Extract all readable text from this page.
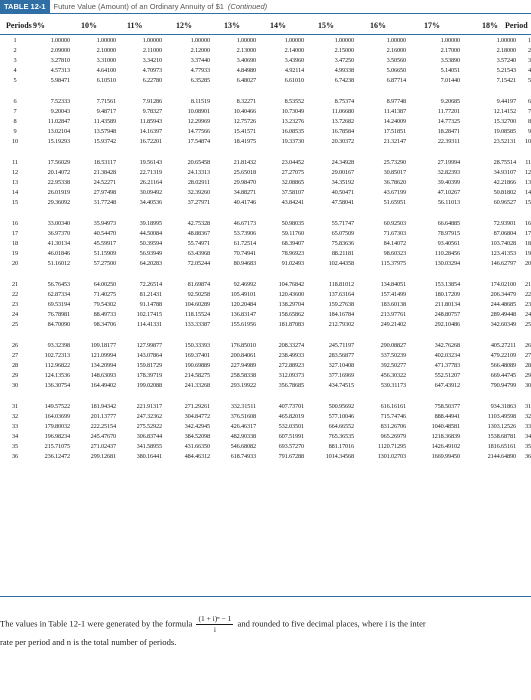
TABLE 12-1	Future Value (Amount) of an Ordinary Annuity of $1 (Continued)
Periods 9%	10%	11%	12%	13%	14%	15%	16%	17%	18% Period
1	1.00000	1.00000	1.00000	1.00000	1.00000	1.00000	1.00000	1.00000	1.00000	1.00000	1
2	2.09000	2.10000	2.11000	2.12000	2.13000	2.14000	2.15000	2.16000	2.17000	2.18000	2
3	3.27810	3.31000	3.34210	3.37440	3.40690	3.43960	3.47250	3.50560	3.53890	3.57240	3
4	4.57313	4.64100	4.70973	4.77933	4.84980	4.92114	4.99338	5.06650	5.14051	5.21543	4
5	5.98471	6.10510	6.22780	6.35285	6.48027	6.61010	6.74238	6.87714	7.01440	7.15421	5
6	7.52333	7.71561	7.91286	8.11519	8.32271	8.53552	8.75374	8.97748	9.20685	9.44197	6
7	9.20043	9.48717	9.78327	10.08901	10.40466	10.73049	11.06680	11.41387	11.77201	12.14152	7
8	11.02847	11.43589	11.85943	12.29969	12.75726	13.23276	13.72682	14.24009	14.77325	15.32700	8
9	13.02104	13.57948	14.16397	14.77566	15.41571	16.08535	16.78584	17.51851	18.28471	19.08585	9
10	15.19293	15.93742	16.72201	17.54874	18.41975	19.33730	20.30372	21.32147	22.39311	23.52131	10
11	17.56029	18.53117	19.56143	20.65458	21.81432	23.04452	24.34928	25.73290	27.19994	28.75514	11
12	20.14072	21.38428	22.71319	24.13313	25.65018	27.27075	29.00167	30.85017	32.82393	34.93107	12
13	22.95338	24.52271	26.21164	28.02911	29.98470	32.08865	34.35192	36.78620	39.40399	42.21866	13
14	26.01919	27.97498	30.09492	32.39260	34.88271	37.58107	40.50471	43.67199	47.10267	50.81802	14
15	29.36092	31.77248	34.40536	37.27971	40.41746	43.84241	47.58041	51.65951	56.11013	60.96527	15
16	33.00340	35.94973	39.18995	42.75328	46.67173	50.98035	55.71747	60.92503	66.64885	72.93901	16
17	36.97370	40.54470	44.50084	48.88367	53.73906	59.11760	65.07509	71.67303	78.97915	87.06804	17
18	41.30134	45.59917	50.39594	55.74971	61.72514	68.39407	75.83636	84.14072	93.40561	103.74028	18
19	46.01846	51.15909	56.93949	63.43968	70.74941	78.96923	88.21181	98.60323	110.28456	123.41353	19
20	51.16012	57.27500	64.20283	72.05244	80.94683	91.02493	102.44358	115.37975	130.03294	146.62797	20
21	56.76453	64.00250	72.26514	81.69874	92.46992	104.76842	118.81012	134.84051	153.13854	174.02100	21
22	62.87334	71.40275	81.21431	92.50258	105.49101	120.43600	137.63164	157.41499	180.17209	206.34479	22
23	69.53194	79.54302	91.14788	104.60289	120.20484	138.29704	159.27638	183.60138	211.80134	244.48685	23
24	76.78981	88.49733	102.17415	118.15524	136.83147	158.65862	184.16784	213.97761	248.80757	289.49448	24
25	84.70090	98.34706	114.41331	133.33387	155.61956	181.87083	212.79302	249.21402	292.10486	342.60349	25
26	93.32398	109.18177	127.99877	150.33393	176.85010	208.33274	245.71197	290.08827	342.76268	405.27211	26
27	102.72313	121.09994	143.07864	169.37401	200.84061	238.49933	283.56877	337.50239	402.03234	479.22109	27
28	112.96822	134.20994	159.81729	190.69889	227.94989	272.88923	327.10408	392.50277	471.37783	566.48089	28
29	124.13536	148.63093	178.39719	214.58275	258.58338	312.09373	377.16969	456.30322	552.51207	669.44745	29
30	136.30754	164.49402	199.02088	241.33268	293.19922	356.78685	434.74515	530.31173	647.43912	790.94799	30
31	149.57522	181.94342	221.91317	271.29261	332.31511	407.73701	500.95692	616.16161	758.50377	934.31863	31
32	164.03699	201.13777	247.32362	304.84772	376.51608	465.82019	577.10046	715.74746	888.44941	1103.49598	32
33	179.80032	222.25154	275.52922	342.42945	426.46317	532.03501	664.66552	831.26706	1040.48581	1303.12526	33
34	196.98234	245.47670	306.83744	384.52098	482.90338	607.51991	765.36535	965.26979	1218.36839	1538.68781	34
35	215.71075	271.02437	341.58955	431.66350	546.68082	693.57270	881.17016	1120.71295	1426.49102	1816.65161	35
36	236.12472	299.12681	380.16441	484.46312	618.74933	791.67288	1014.34568	1301.02703	1669.99450	2144.64890	36
The values in Table 12-1 were generated by the formula $\frac{\text{(1 + i)ⁿ − 1}}{i}$ and rounded to five decimal places, where i is the inter
rate per period and n is the total number of periods.
